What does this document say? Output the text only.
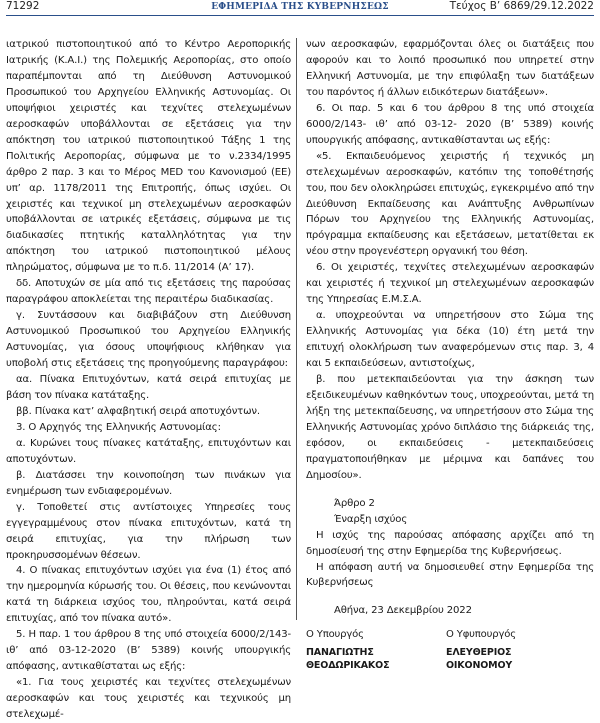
71292	ΕΦΗΜΕΡΙΔΑ ΤΗΣ ΚΥΒΕΡΝΗΣΕΩΣ	Τεύχος Β’ 6869/29.12.2022

ιατρικού πιστοποιητικού από το Κέντρο Αεροπορικής Ιατρικής (Κ.Α.Ι.) της Πολεμικής Αεροπορίας, στο οποίο παραπέμπονται από τη Διεύθυνση Αστυνομικού Προσωπικού του Αρχηγείου Ελληνικής Αστυνομίας. Οι υποψήφιοι χειριστές και τεχνίτες στελεχωμένων αεροσκαφών υποβάλλονται σε εξετάσεις για την απόκτηση του ιατρικού πιστοποιητικού Τάξης 1 της Πολιτικής Αεροπορίας, σύμφωνα με το ν.2334/1995 άρθρο 2 παρ. 3 και το Μέρος MED του Κανονισμού (ΕΕ) υπ’ αρ. 1178/2011 της Επιτροπής, όπως ισχύει. Οι χειριστές και τεχνικοί μη στελεχωμένων αεροσκαφών υποβάλλονται σε ιατρικές εξετάσεις, σύμφωνα με τις διαδικασίες πτητικής καταλληλότητας για την απόκτηση του ιατρικού πιστοποιητικού μέλους πληρώματος, σύμφωνα με το π.δ. 11/2014 (Α’ 17).

δδ. Αποτυχών σε μία από τις εξετάσεις της παρούσας παραγράφου αποκλείεται της περαιτέρω διαδικασίας.

γ. Συντάσσουν και διαβιβάζουν στη Διεύθυνση Αστυνομικού Προσωπικού του Αρχηγείου Ελληνικής Αστυνομίας, για όσους υποψήφιους κλήθηκαν για υποβολή στις εξετάσεις της προηγούμενης παραγράφου:

αα. Πίνακα Επιτυχόντων, κατά σειρά επιτυχίας με βάση τον πίνακα κατάταξης.

ββ. Πίνακα κατ’ αλφαβητική σειρά αποτυχόντων.

3. Ο Αρχηγός της Ελληνικής Αστυνομίας:

α. Κυρώνει τους πίνακες κατάταξης, επιτυχόντων και αποτυχόντων.

β. Διατάσσει την κοινοποίηση των πινάκων για ενημέρωση των ενδιαφερομένων.

γ. Τοποθετεί στις αντίστοιχες Υπηρεσίες τους εγγεγραμμένους στον πίνακα επιτυχόντων, κατά τη σειρά επιτυχίας, για την πλήρωση των προκηρυσσομένων θέσεων.

4. Ο πίνακας επιτυχόντων ισχύει για ένα (1) έτος από την ημερομηνία κύρωσής του. Οι θέσεις, που κενώνονται κατά τη διάρκεια ισχύος του, πληρούνται, κατά σειρά επιτυχίας, από τον πίνακα αυτό».

5. Η παρ. 1 του άρθρου 8 της υπό στοιχεία 6000/2/143- ιθ’ από 03-12-2020 (Β’ 5389) κοινής υπουργικής απόφασης, αντικαθίσταται ως εξής:

«1. Για τους χειριστές και τεχνίτες στελεχωμένων αεροσκαφών και τους χειριστές και τεχνικούς μη στελεχωμέ-

νων αεροσκαφών, εφαρμόζονται όλες οι διατάξεις που αφορούν και το λοιπό προσωπικό που υπηρετεί στην Ελληνική Αστυνομία, με την επιφύλαξη των διατάξεων του παρόντος ή άλλων ειδικότερων διατάξεων».

6. Οι παρ. 5 και 6 του άρθρου 8 της υπό στοιχεία 6000/2/143- ιθ’ από 03-12- 2020 (Β’ 5389) κοινής υπουργικής απόφασης, αντικαθίστανται ως εξής:

«5. Εκπαιδευόμενος χειριστής ή τεχνικός μη στελεχωμένων αεροσκαφών, κατόπιν της τοποθέτησής του, που δεν ολοκληρώσει επιτυχώς, εγκεκριμένο από την Διεύθυνση Εκπαίδευσης και Ανάπτυξης Ανθρωπίνων Πόρων του Αρχηγείου της Ελληνικής Αστυνομίας, πρόγραμμα εκπαίδευσης και εξετάσεων, μετατίθεται εκ νέου στην προγενέστερη οργανική του θέση.

6. Οι χειριστές, τεχνίτες στελεχωμένων αεροσκαφών και χειριστές ή τεχνικοί μη στελεχωμένων αεροσκαφών της Υπηρεσίας Ε.Μ.Σ.Α.

α. υποχρεούνται να υπηρετήσουν στο Σώμα της Ελληνικής Αστυνομίας για δέκα (10) έτη μετά την επιτυχή ολοκλήρωση των αναφερόμενων στις παρ. 3, 4 και 5 εκπαιδεύσεων, αντιστοίχως,

β. που μετεκπαιδεύονται για την άσκηση των εξειδικευμένων καθηκόντων τους, υποχρεούνται, μετά τη λήξη της μετεκπαίδευσης, να υπηρετήσουν στο Σώμα της Ελληνικής Αστυνομίας χρόνο διπλάσιο της διάρκειάς της, εφόσον, οι εκπαιδεύσεις - μετεκπαιδεύσεις πραγματοποιήθηκαν με μέριμνα και δαπάνες του Δημοσίου».

Άρθρο 2

Έναρξη ισχύος

Η ισχύς της παρούσας απόφασης αρχίζει από τη δημοσίευσή της στην Εφημερίδα της Κυβερνήσεως.

Η απόφαση αυτή να δημοσιευθεί στην Εφημερίδα της Κυβερνήσεως

Αθήνα, 23 Δεκεμβρίου 2022

Ο Υπουργός
ΠΑΝΑΓΙΩΤΗΣ
ΘΕΟΔΩΡΙΚΑΚΟΣ
Ο Υφυπουργός
ΕΛΕΥΘΕΡΙΟΣ
ΟΙΚΟΝΟΜΟΥ
